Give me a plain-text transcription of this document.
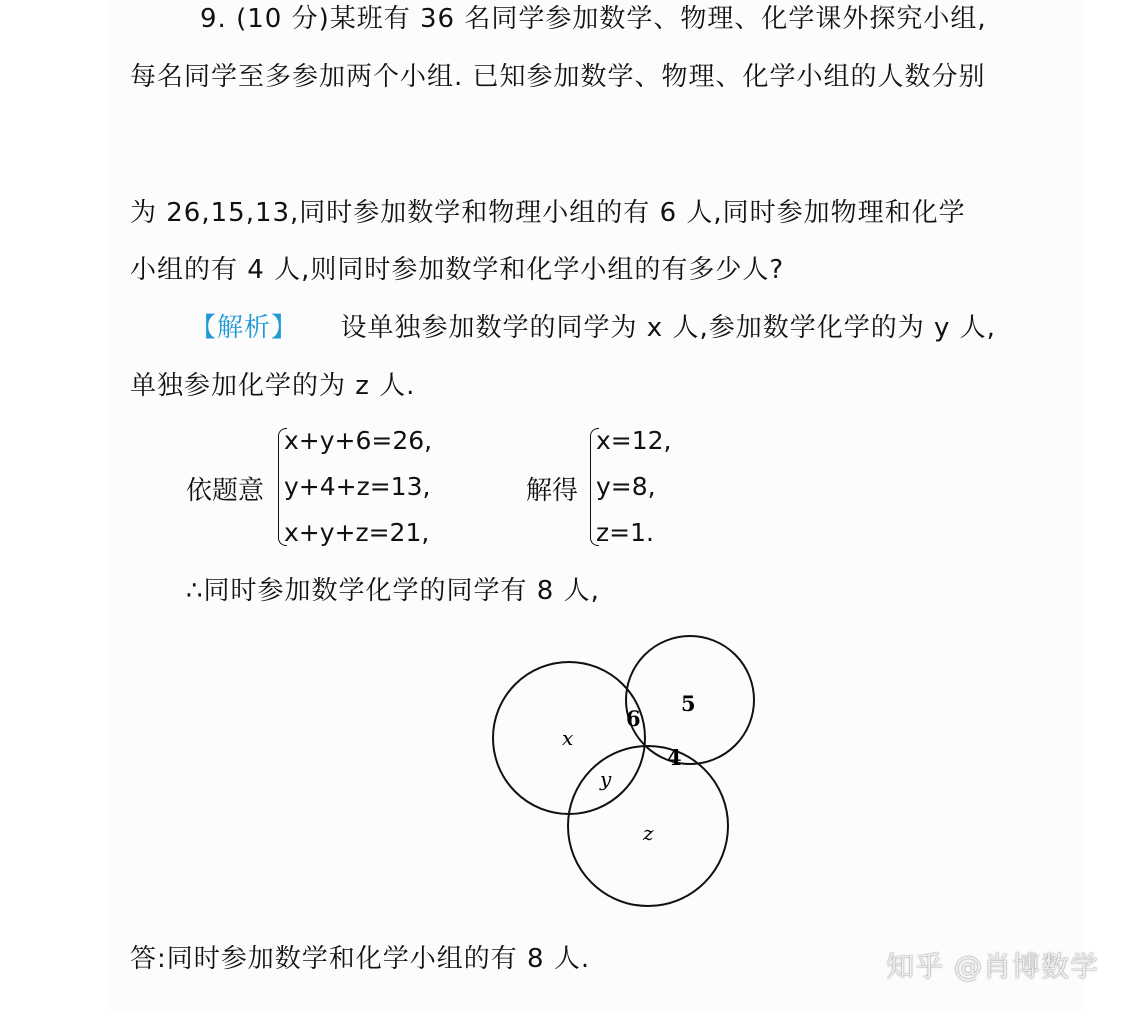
9. (10 分)某班有 36 名同学参加数学、物理、化学课外探究小组,
每名同学至多参加两个小组. 已知参加数学、物理、化学小组的人数分别
为 26,15,13,同时参加数学和物理小组的有 6 人,同时参加物理和化学
小组的有 4 人,则同时参加数学和化学小组的有多少人?
【解析】 设单独参加数学的同学为 x 人,参加数学化学的为 y 人,
单独参加化学的为 z 人.
依题意
x+y+6=26,
y+4+z=13,
x+y+z=21,
解得
x=12,
y=8,
z=1.
∴同时参加数学化学的同学有 8 人,
x
y
z
5
6
4
答:同时参加数学和化学小组的有 8 人.	知乎 @肖博数学
